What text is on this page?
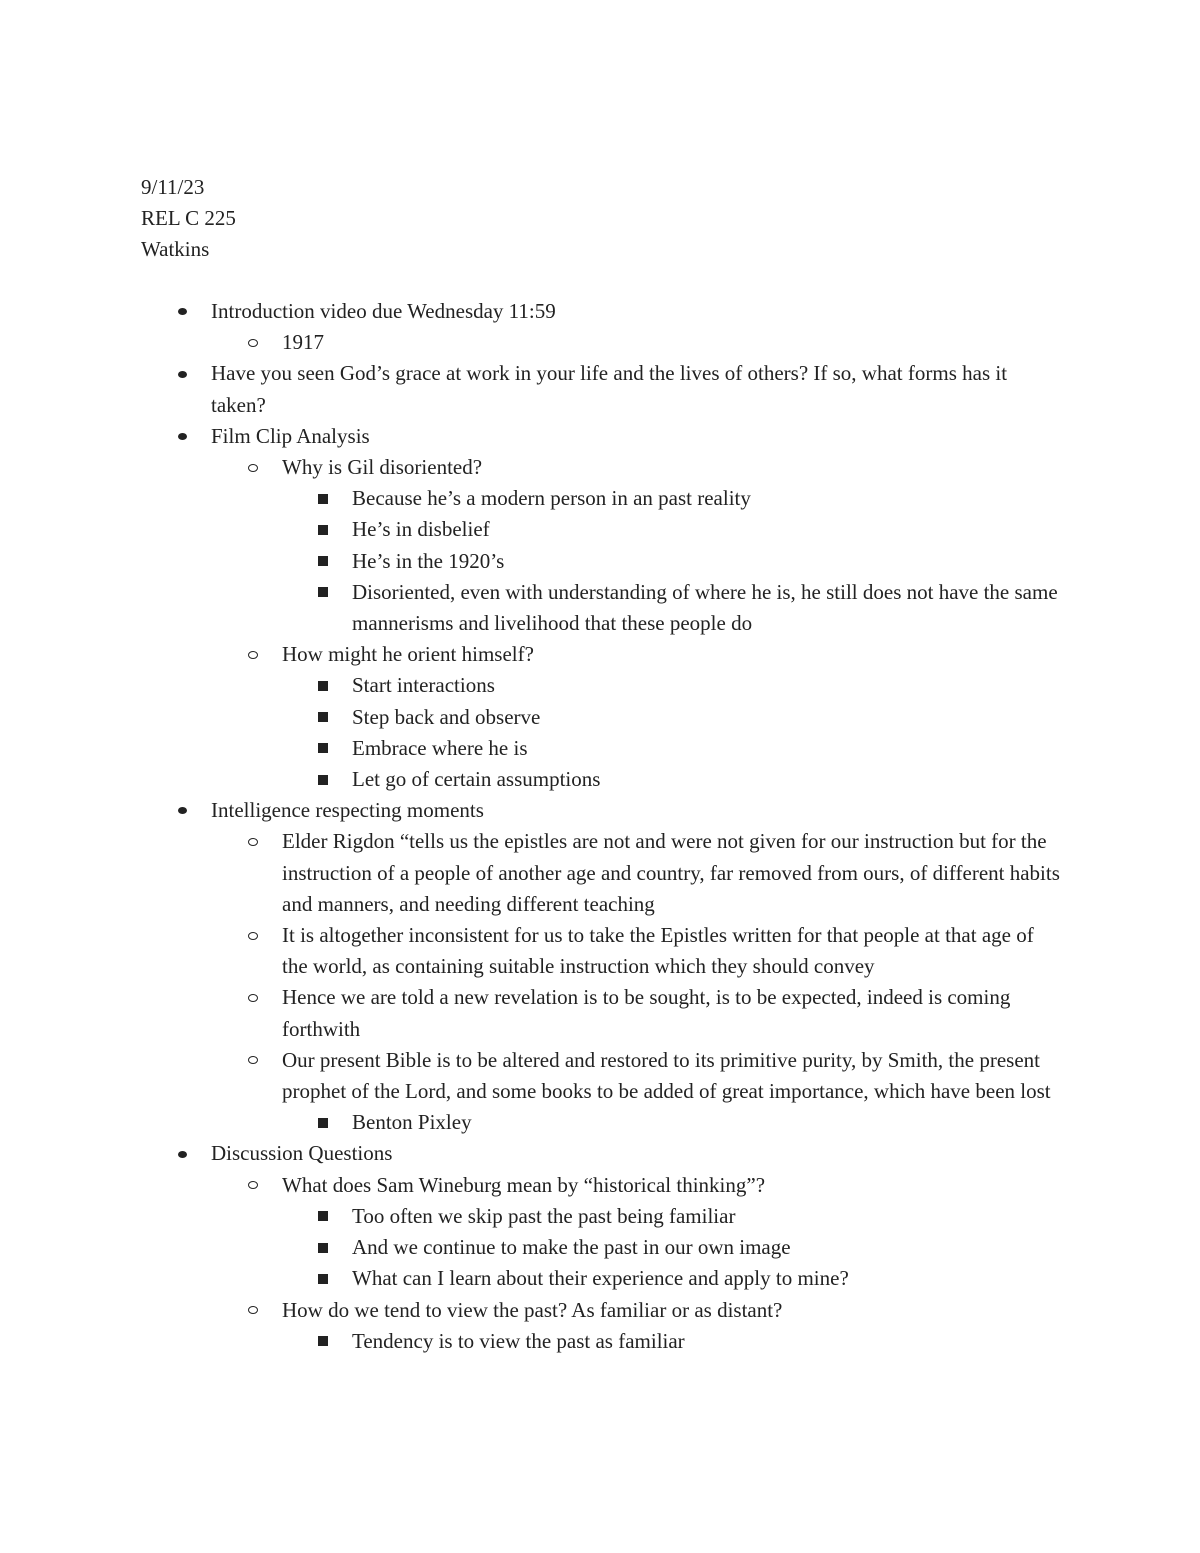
9/11/23
REL C 225
Watkins
Introduction video due Wednesday 11:59
1917
Have you seen God’s grace at work in your life and the lives of others? If so, what forms has it taken?
Film Clip Analysis
Why is Gil disoriented?
Because he’s a modern person in an past reality
He’s in disbelief
He’s in the 1920’s
Disoriented, even with understanding of where he is, he still does not have the same mannerisms and livelihood that these people do
How might he orient himself?
Start interactions
Step back and observe
Embrace where he is
Let go of certain assumptions
Intelligence respecting moments
Elder Rigdon “tells us the epistles are not and were not given for our instruction but for the instruction of a people of another age and country, far removed from ours, of different habits and manners, and needing different teaching
It is altogether inconsistent for us to take the Epistles written for that people at that age of the world, as containing suitable instruction which they should convey
Hence we are told a new revelation is to be sought, is to be expected, indeed is coming forthwith
Our present Bible is to be altered and restored to its primitive purity, by Smith, the present prophet of the Lord, and some books to be added of great importance, which have been lost
Benton Pixley
Discussion Questions
What does Sam Wineburg mean by “historical thinking”?
Too often we skip past the past being familiar
And we continue to make the past in our own image
What can I learn about their experience and apply to mine?
How do we tend to view the past? As familiar or as distant?
Tendency is to view the past as familiar
